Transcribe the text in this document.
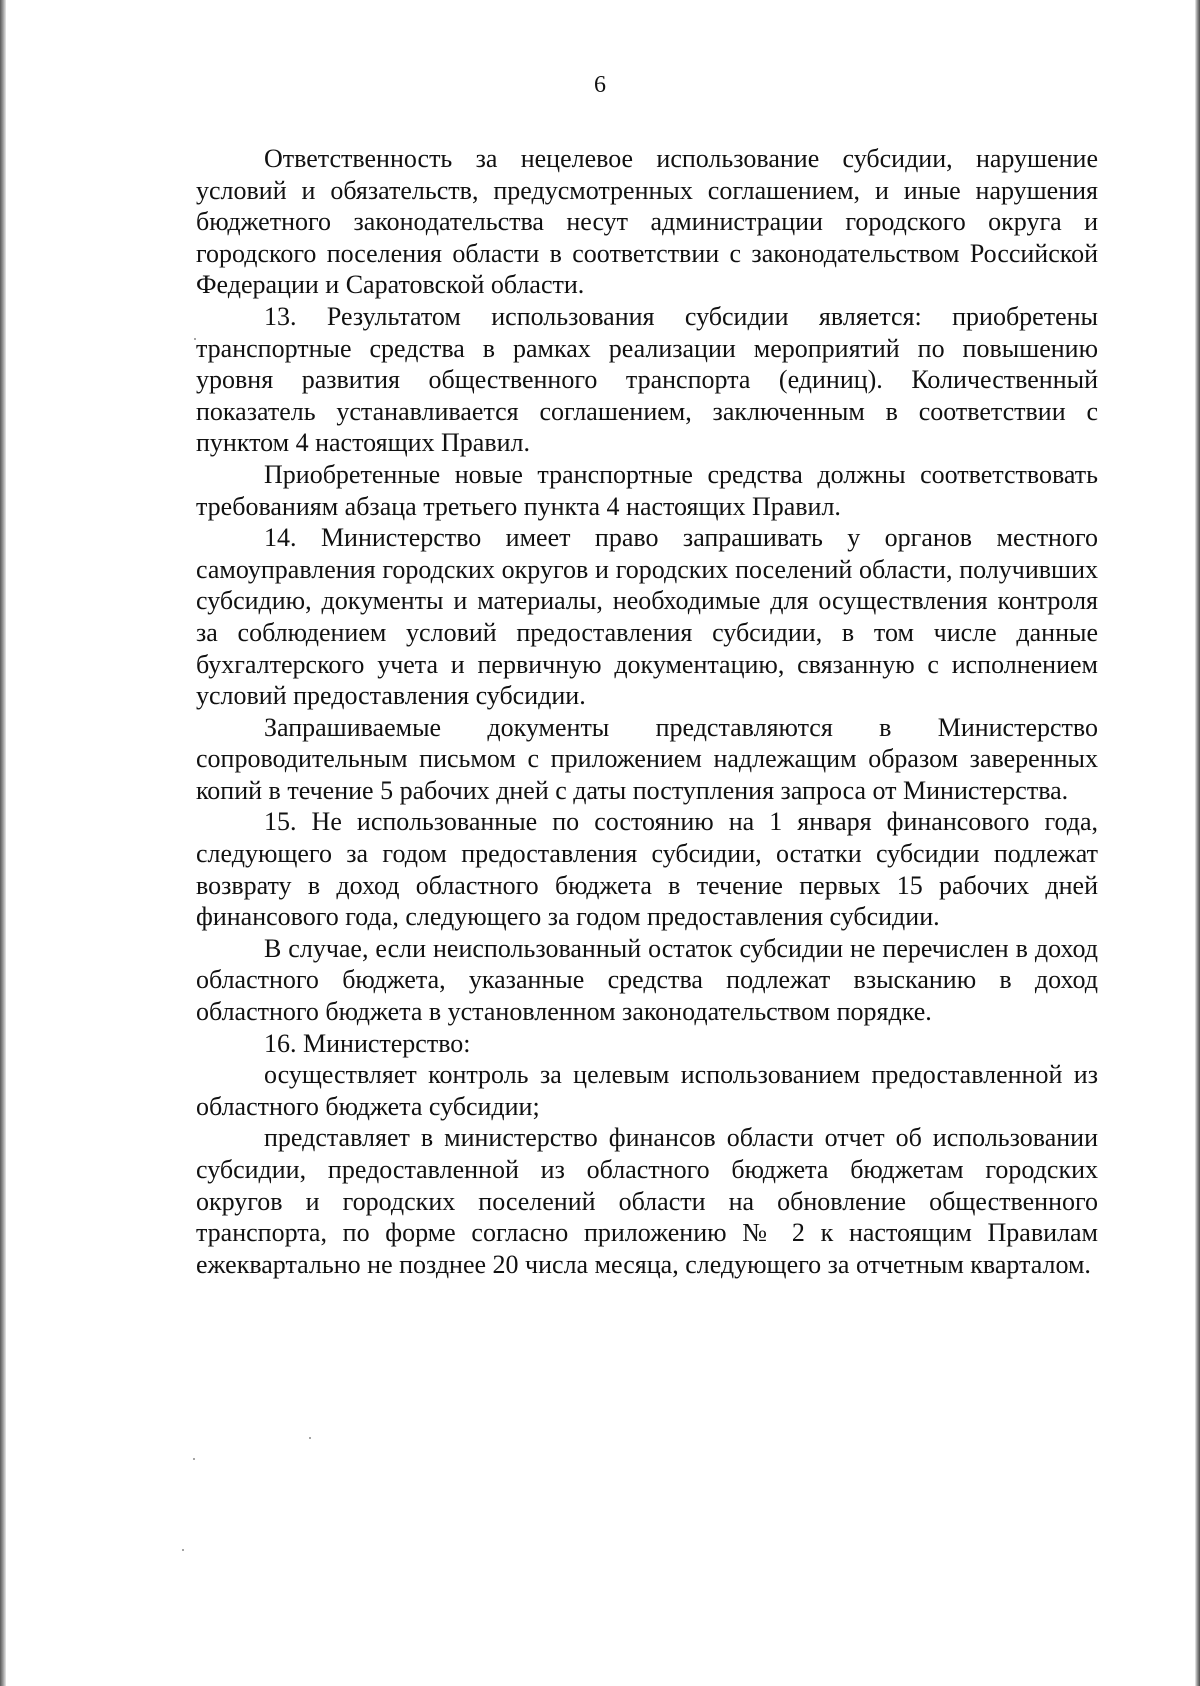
6

Ответственность за нецелевое использование субсидии, нарушение условий и обязательств, предусмотренных соглашением, и иные нарушения бюджетного законодательства несут администрации городского округа и городского поселения области в соответствии с законодательством Российской Федерации и Саратовской области.

13. Результатом использования субсидии является: приобретены транспортные средства в рамках реализации мероприятий по повышению уровня развития общественного транспорта (единиц). Количественный показатель устанавливается соглашением, заключенным в соответствии с пунктом 4 настоящих Правил.

Приобретенные новые транспортные средства должны соответствовать требованиям абзаца третьего пункта 4 настоящих Правил.

14. Министерство имеет право запрашивать у органов местного самоуправления городских округов и городских поселений области, получивших субсидию, документы и материалы, необходимые для осуществления контроля за соблюдением условий предоставления субсидии, в том числе данные бухгалтерского учета и первичную документацию, связанную с исполнением условий предоставления субсидии.

Запрашиваемые документы представляются в Министерство сопроводительным письмом с приложением надлежащим образом заверенных копий в течение 5 рабочих дней с даты поступления запроса от Министерства.

15. Не использованные по состоянию на 1 января финансового года, следующего за годом предоставления субсидии, остатки субсидии подлежат возврату в доход областного бюджета в течение первых 15 рабочих дней финансового года, следующего за годом предоставления субсидии.

В случае, если неиспользованный остаток субсидии не перечислен в доход областного бюджета, указанные средства подлежат взысканию в доход областного бюджета в установленном законодательством порядке.

16. Министерство:

осуществляет контроль за целевым использованием предоставленной из областного бюджета субсидии;

представляет в министерство финансов области отчет об использовании субсидии, предоставленной из областного бюджета бюджетам городских округов и городских поселений области на обновление общественного транспорта, по форме согласно приложению № 2 к настоящим Правилам ежеквартально не позднее 20 числа месяца, следующего за отчетным кварталом.
